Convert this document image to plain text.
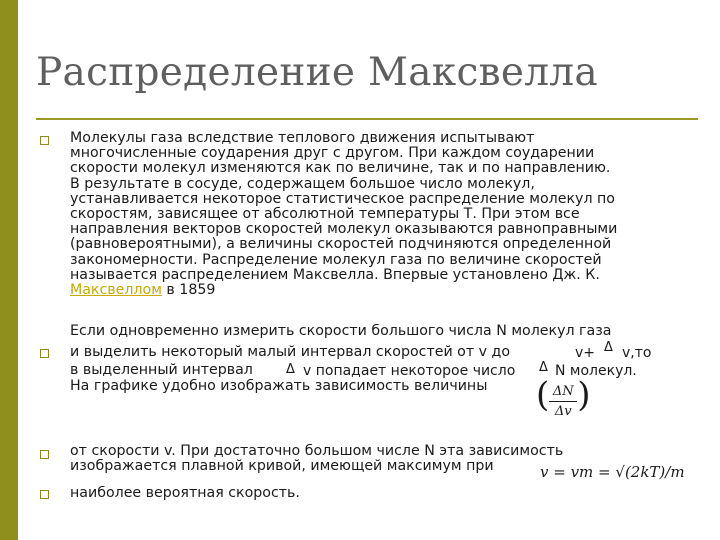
Распределение Максвелла
Молекулы газа вследствие теплового движения испытывают
многочисленные соударения друг с другом. При каждом соударении
скорости молекул изменяются как по величине, так и по направлению.
В результате в сосуде, содержащем большое число молекул,
устанавливается некоторое статистическое распределение молекул по
скоростям, зависящее от абсолютной температуры Т. При этом все
направления векторов скоростей молекул оказываются равноправными
(равновероятными), а величины скоростей подчиняются определенной
закономерности. Распределение молекул газа по величине скоростей
называется распределением Максвелла. Впервые установлено Дж. К.
Максвеллом в 1859
Если одновременно измерить скорости большого числа N молекул газа
и выделить некоторый малый интервал скоростей от v до	v+ Δ v,то
в выделенный интервал	Δ v попадает некоторое число Δ N молекул.
На графике удобно изображать зависимость величины	( $\frac{\Delta N}{\Delta v}$ )
от скорости v. При достаточно большом числе N эта зависимость
изображается плавной кривой, имеющей максимум при	v = vm = √(2kT)/m
наиболее вероятная скорость.
